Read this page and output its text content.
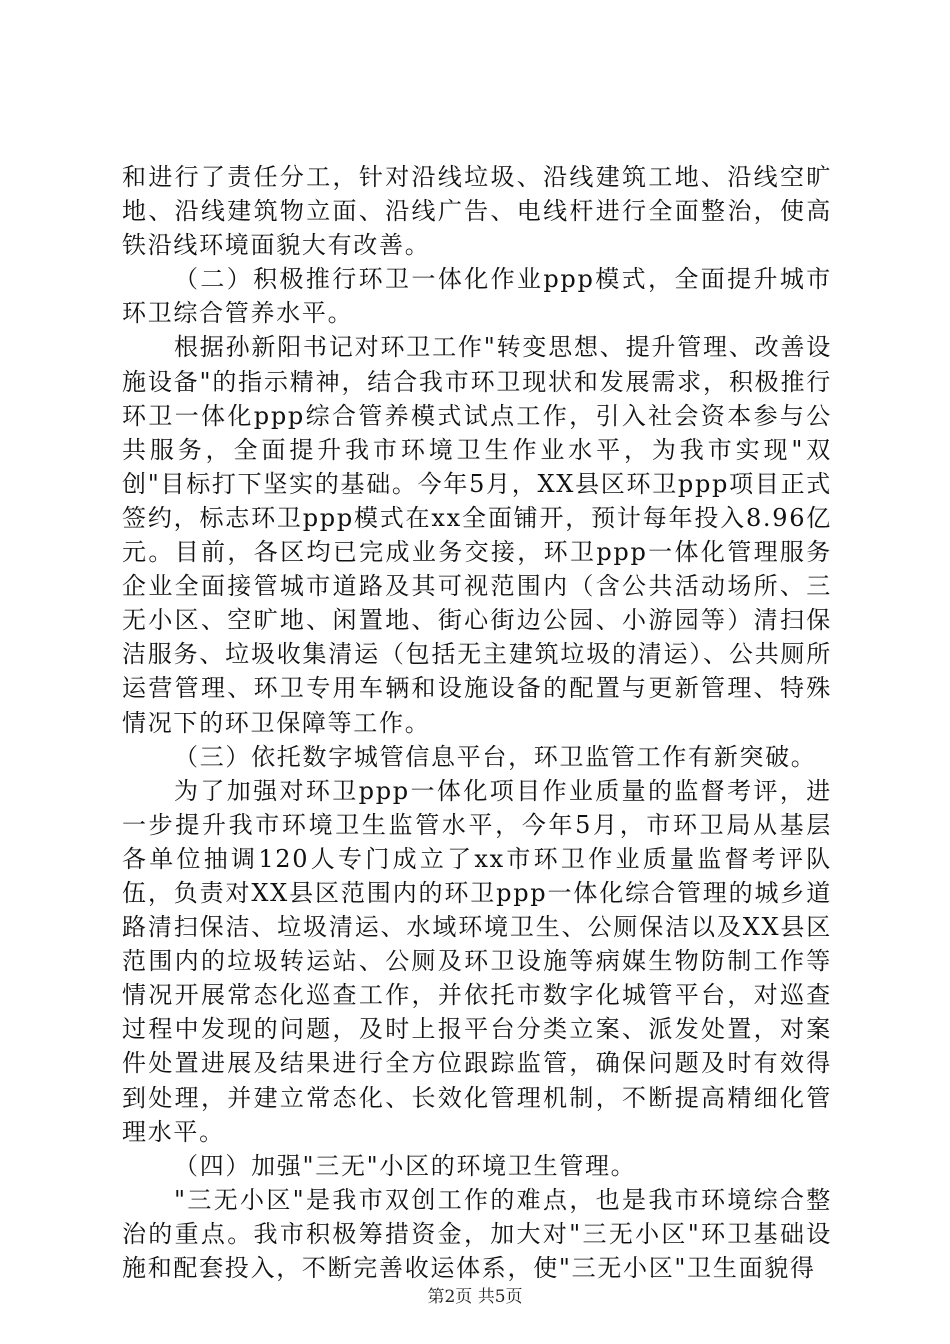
和进行了责任分工，针对沿线垃圾、沿线建筑工地、沿线空旷地、沿线建筑物立面、沿线广告、电线杆进行全面整治，使高铁沿线环境面貌大有改善。

（二）积极推行环卫一体化作业ppp模式，全面提升城市环卫综合管养水平。

根据孙新阳书记对环卫工作"转变思想、提升管理、改善设施设备"的指示精神，结合我市环卫现状和发展需求，积极推行环卫一体化ppp综合管养模式试点工作，引入社会资本参与公共服务，全面提升我市环境卫生作业水平，为我市实现"双创"目标打下坚实的基础。今年5月，XX县区环卫ppp项目正式签约，标志环卫ppp模式在xx全面铺开，预计每年投入8.96亿元。目前，各区均已完成业务交接，环卫ppp一体化管理服务企业全面接管城市道路及其可视范围内（含公共活动场所、三无小区、空旷地、闲置地、街心街边公园、小游园等）清扫保洁服务、垃圾收集清运（包括无主建筑垃圾的清运）、公共厕所运营管理、环卫专用车辆和设施设备的配置与更新管理、特殊情况下的环卫保障等工作。

（三）依托数字城管信息平台，环卫监管工作有新突破。

为了加强对环卫ppp一体化项目作业质量的监督考评，进一步提升我市环境卫生监管水平，今年5月，市环卫局从基层各单位抽调120人专门成立了xx市环卫作业质量监督考评队伍，负责对XX县区范围内的环卫ppp一体化综合管理的城乡道路清扫保洁、垃圾清运、水域环境卫生、公厕保洁以及XX县区范围内的垃圾转运站、公厕及环卫设施等病媒生物防制工作等情况开展常态化巡查工作，并依托市数字化城管平台，对巡查过程中发现的问题，及时上报平台分类立案、派发处置，对案件处置进展及结果进行全方位跟踪监管，确保问题及时有效得到处理，并建立常态化、长效化管理机制，不断提高精细化管理水平。

（四）加强"三无"小区的环境卫生管理。

"三无小区"是我市双创工作的难点，也是我市环境综合整治的重点。我市积极筹措资金，加大对"三无小区"环卫基础设施和配套投入，不断完善收运体系，使"三无小区"卫生面貌得

第2页 共5页
